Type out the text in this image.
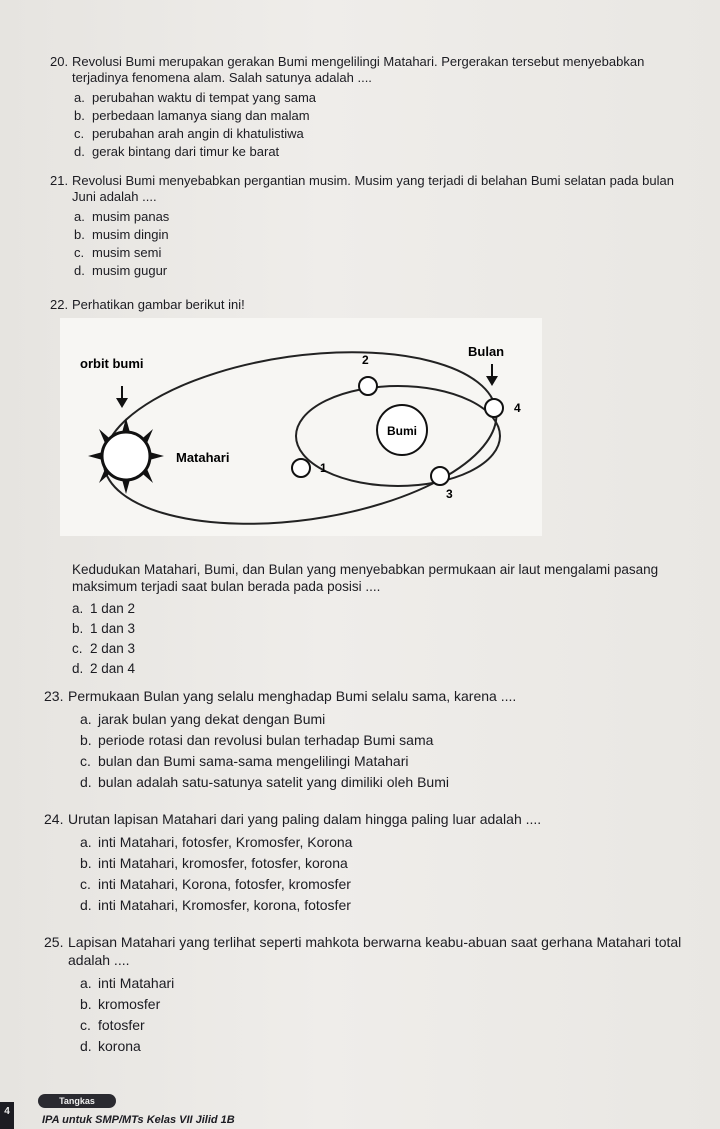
20. Revolusi Bumi merupakan gerakan Bumi mengelilingi Matahari. Pergerakan tersebut menyebabkan terjadinya fenomena alam. Salah satunya adalah ....
a. perubahan waktu di tempat yang sama
b. perbedaan lamanya siang dan malam
c. perubahan arah angin di khatulistiwa
d. gerak bintang dari timur ke barat
21. Revolusi Bumi menyebabkan pergantian musim. Musim yang terjadi di belahan Bumi selatan pada bulan Juni adalah ....
a. musim panas
b. musim dingin
c. musim semi
d. musim gugur
22. Perhatikan gambar berikut ini!
orbit bumi
Matahari
Bumi
Bulan
2
4
1
3
Kedudukan Matahari, Bumi, dan Bulan yang menyebabkan permukaan air laut mengalami pasang maksimum terjadi saat bulan berada pada posisi ....
a. 1 dan 2
b. 1 dan 3
c. 2 dan 3
d. 2 dan 4
23. Permukaan Bulan yang selalu menghadap Bumi selalu sama, karena ....
a. jarak bulan yang dekat dengan Bumi
b. periode rotasi dan revolusi bulan terhadap Bumi sama
c. bulan dan Bumi sama-sama mengelilingi Matahari
d. bulan adalah satu-satunya satelit yang dimiliki oleh Bumi
24. Urutan lapisan Matahari dari yang paling dalam hingga paling luar adalah ....
a. inti Matahari, fotosfer, Kromosfer, Korona
b. inti Matahari, kromosfer, fotosfer, korona
c. inti Matahari, Korona, fotosfer, kromosfer
d. inti Matahari, Kromosfer, korona, fotosfer
25. Lapisan Matahari yang terlihat seperti mahkota berwarna keabu-abuan saat gerhana Matahari total adalah ....
a. inti Matahari
b. kromosfer
c. fotosfer
d. korona
Tangkas
4
IPA untuk SMP/MTs Kelas VII Jilid 1B
